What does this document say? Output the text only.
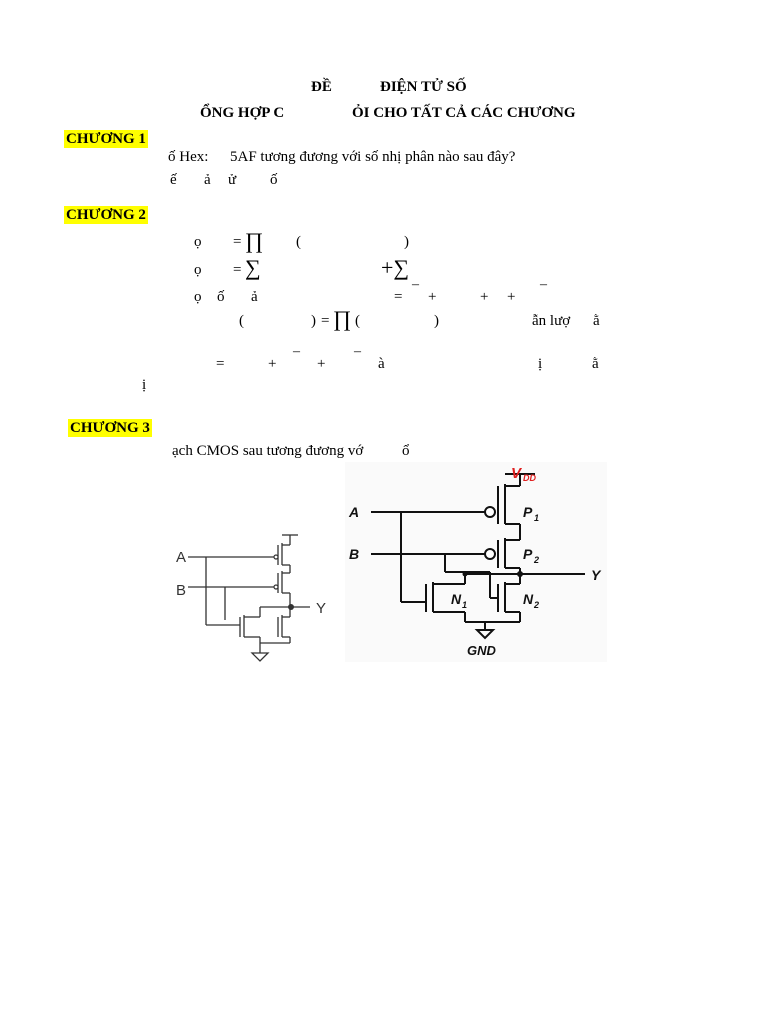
ĐỀ	ĐIỆN TỬ SỐ
ỔNG HỢP C	ỎI CHO TẤT CẢ CÁC CHƯƠNG
CHƯƠNG 1
ố Hex: 5AF tương đương với số nhị phân nào sau đây?
ế ả ử ố
CHƯƠNG 2
ọ = ∏ (	)
ọ = ∑	+∑
ọ ố ả	=
–
+	+ +
–
(	) = ∏ (	)	ẫn lượ ằ
=	+
–
+
–
à	ị	ằ
ị
CHƯƠNG 3
ạch CMOS sau tương đương vớ	ổ
A
B
Y
V DD
A
B
Y
P 1
P 2
N 1	N 2
GND
